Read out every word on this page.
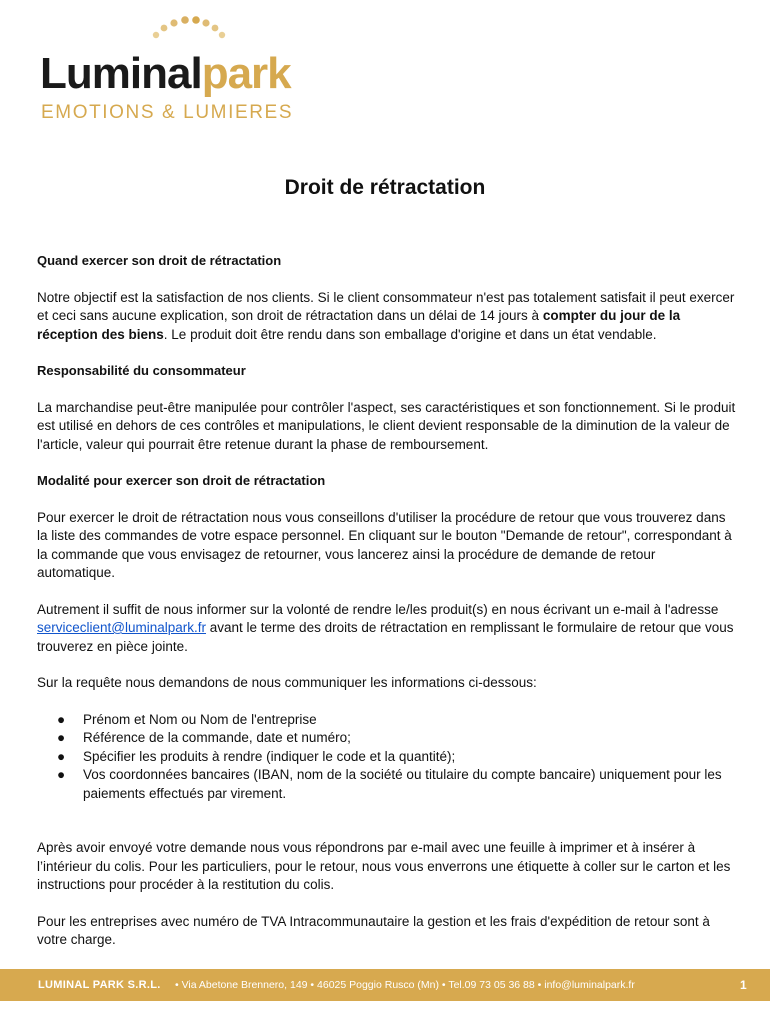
Luminalpark
EMOTIONS & LUMIERES
Droit de rétractation

Quand exercer son droit de rétractation

Notre objectif est la satisfaction de nos clients. Si le client consommateur n'est pas totalement satisfait il peut exercer et ceci sans aucune explication, son droit de rétractation dans un délai de 14 jours à compter du jour de la réception des biens. Le produit doit être rendu dans son emballage d'origine et dans un état vendable.

Responsabilité du consommateur

La marchandise peut-être manipulée pour contrôler l'aspect, ses caractéristiques et son fonctionnement. Si le produit est utilisé en dehors de ces contrôles et manipulations, le client devient responsable de la diminution de la valeur de l'article, valeur qui pourrait être retenue durant la phase de remboursement.

Modalité pour exercer son droit de rétractation

Pour exercer le droit de rétractation nous vous conseillons d'utiliser la procédure de retour que vous trouverez dans la liste des commandes de votre espace personnel. En cliquant sur le bouton "Demande de retour", correspondant à la commande que vous envisagez de retourner, vous lancerez ainsi la procédure de demande de retour automatique.

Autrement il suffit de nous informer sur la volonté de rendre le/les produit(s) en nous écrivant un e-mail à l'adresse serviceclient@luminalpark.fr avant le terme des droits de rétractation en remplissant le formulaire de retour que vous trouverez en pièce jointe.

Sur la requête nous demandons de nous communiquer les informations ci-dessous:

● Prénom et Nom ou Nom de l'entreprise
● Référence de la commande, date et numéro;
● Spécifier les produits à rendre (indiquer le code et la quantité);
● Vos coordonnées bancaires (IBAN, nom de la société ou titulaire du compte bancaire) uniquement pour les paiements effectués par virement.

Après avoir envoyé votre demande nous vous répondrons par e-mail avec une feuille à imprimer et à insérer à l’intérieur du colis. Pour les particuliers, pour le retour, nous vous enverrons une étiquette à coller sur le carton et les instructions pour procéder à la restitution du colis.

Pour les entreprises avec numéro de TVA Intracommunautaire la gestion et les frais d'expédition de retour sont à votre charge.

LUMINAL PARK S.R.L. • Via Abetone Brennero, 149 • 46025 Poggio Rusco (Mn) • Tel.09 73 05 36 88 • info@luminalpark.fr	1
